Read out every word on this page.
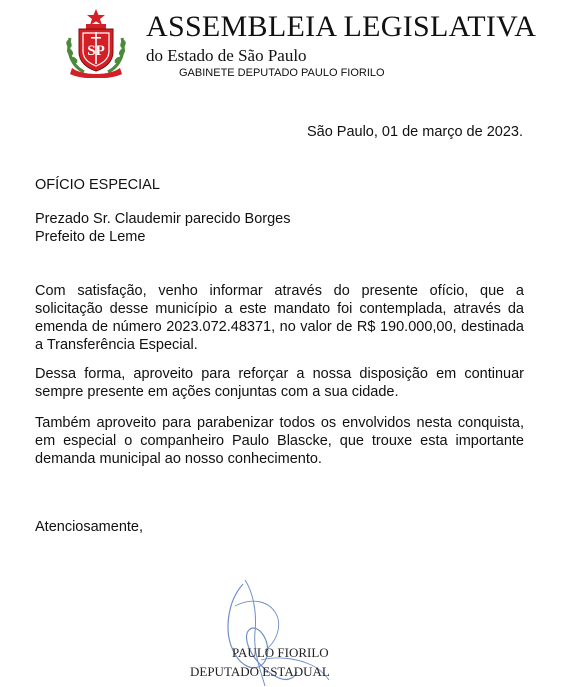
SP
ASSEMBLEIA LEGISLATIVA
do Estado de São Paulo
GABINETE DEPUTADO PAULO FIORILO
São Paulo, 01 de março de 2023.
OFÍCIO ESPECIAL
Prezado Sr. Claudemir parecido Borges
Prefeito de Leme
Com satisfação, venho informar através do presente ofício, que a solicitação desse município a este mandato foi contemplada, através da emenda de número 2023.072.48371, no valor de R$ 190.000,00, destinada a Transferência Especial.
Dessa forma, aproveito para reforçar a nossa disposição em continuar sempre presente em ações conjuntas com a sua cidade.
Também aproveito para parabenizar todos os envolvidos nesta conquista, em especial o companheiro Paulo Blascke, que trouxe esta importante demanda municipal ao nosso conhecimento.
Atenciosamente,
PAULO FIORILO
DEPUTADO ESTADUAL
